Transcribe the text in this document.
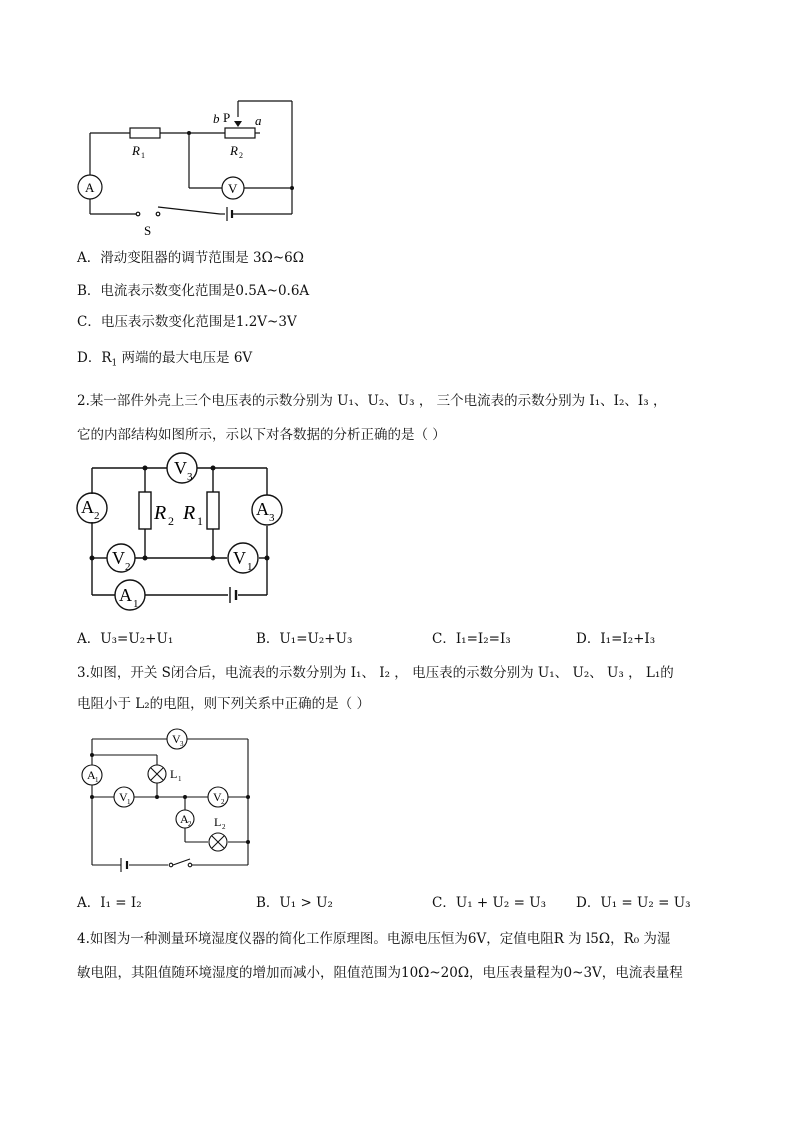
R 1	R 2
b P a
A	V
S
A．滑动变阻器的调节范围是 3Ω~6Ω
B．电流表示数变化范围是0.5A~0.6A
C．电压表示数变化范围是1.2V~3V
D．$R_1$ 两端的最大电压是 6V
2.某一部件外壳上三个电压表的示数分别为 U₁、U₂、U₃ ， 三个电流表的示数分别为 I₁、I₂、I₃ ，
它的内部结构如图所示，示以下对各数据的分析正确的是（ ）
V 3
A 2	A 3
V 2	V 1
A 1
R 2 R 1
A．U₃=U₂+U₁	B．U₁=U₂+U₃	C．I₁=I₂=I₃	D．I₁=I₂+I₃
3.如图，开关 S闭合后，电流表的示数分别为 I₁、 I₂ ， 电压表的示数分别为 U₁、 U₂、 U₃ ， L₁的
电阻小于 L₂的电阻，则下列关系中正确的是（ ）
V 3
A 1	L 1
V 1	V 2
A 2 L 2
A．I₁ = I₂	B．U₁ > U₂	C．U₁ + U₂ = U₃ D．U₁ = U₂ = U₃
4.如图为一种测量环境湿度仪器的简化工作原理图。电源电压恒为6V，定值电阻R 为 l5Ω，R₀ 为湿
敏电阻，其阻值随环境湿度的增加而减小，阻值范围为10Ω~20Ω，电压表量程为0~3V，电流表量程
